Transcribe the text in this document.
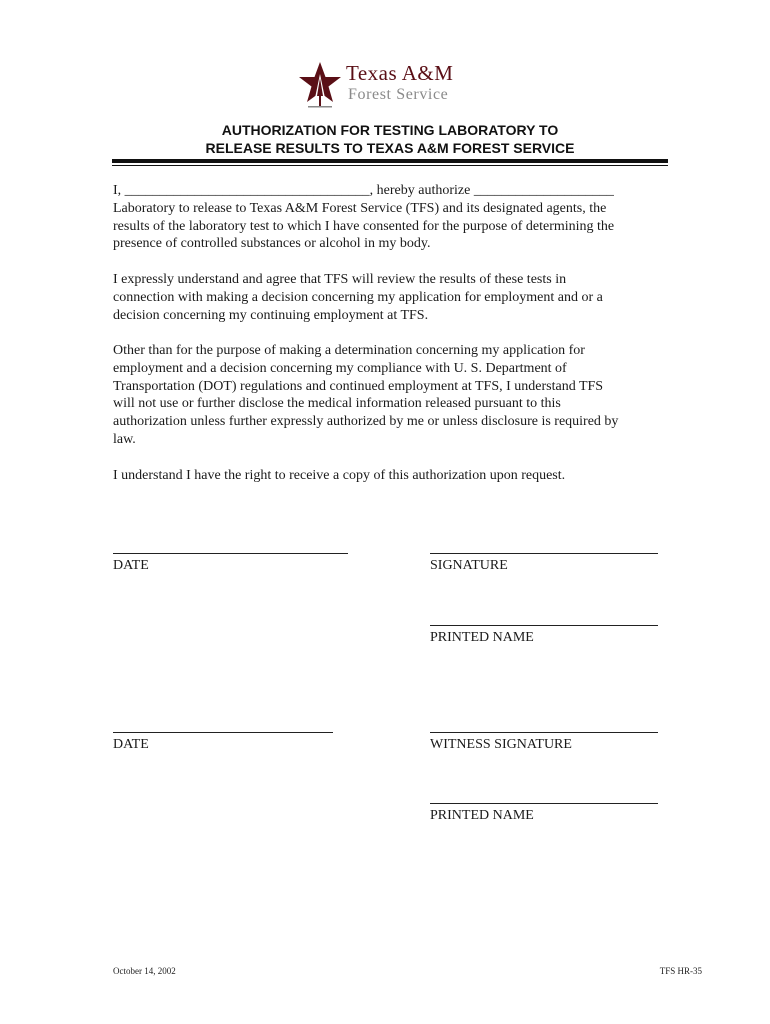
Texas A&M
Forest Service
AUTHORIZATION FOR TESTING LABORATORY TO
RELEASE RESULTS TO TEXAS A&M FOREST SERVICE
I, ___________________________________, hereby authorize ____________________
Laboratory to release to Texas A&M Forest Service (TFS) and its designated agents, the
results of the laboratory test to which I have consented for the purpose of determining the
presence of controlled substances or alcohol in my body.
I expressly understand and agree that TFS will review the results of these tests in
connection with making a decision concerning my application for employment and or a
decision concerning my continuing employment at TFS.
Other than for the purpose of making a determination concerning my application for
employment and a decision concerning my compliance with U. S. Department of
Transportation (DOT) regulations and continued employment at TFS, I understand TFS
will not use or further disclose the medical information released pursuant to this
authorization unless further expressly authorized by me or unless disclosure is required by
law.
I understand I have the right to receive a copy of this authorization upon request.
DATE	SIGNATURE
PRINTED NAME
DATE	WITNESS SIGNATURE
PRINTED NAME
October 14, 2002	TFS HR-35
